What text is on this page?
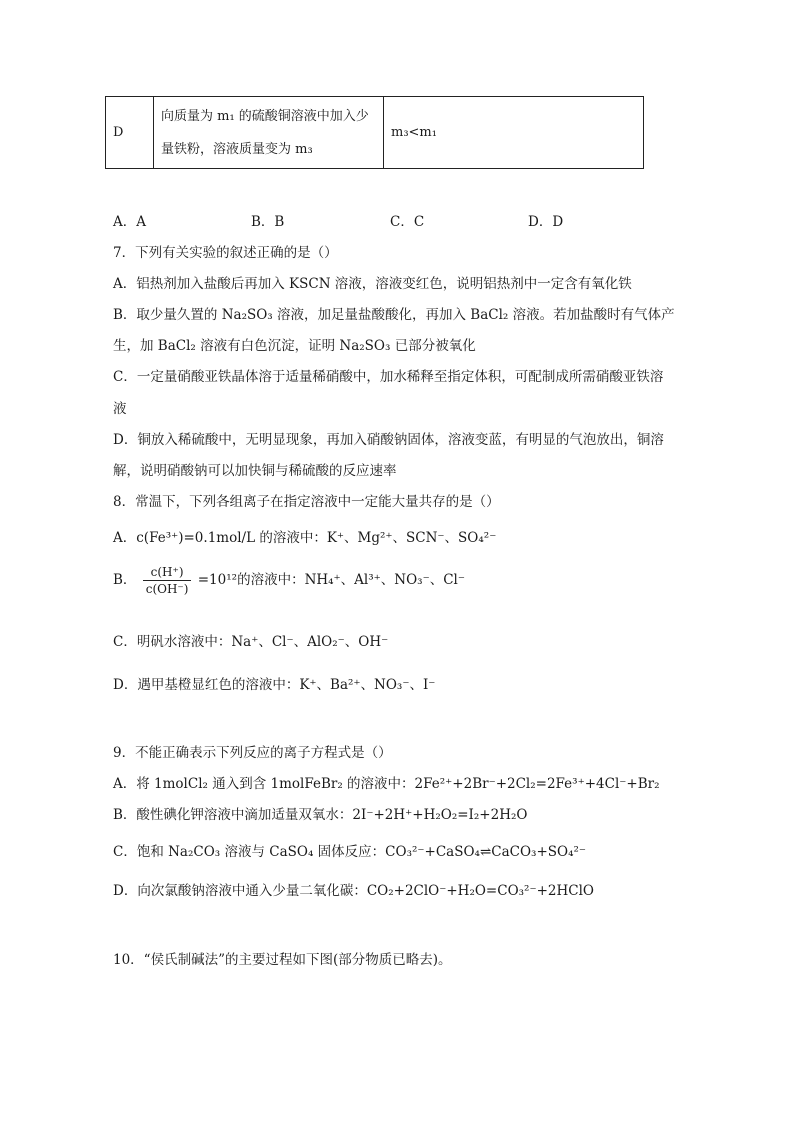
D	向质量为 m₁ 的硫酸铜溶液中加入少
量铁粉，溶液质量变为 m₃	m₃<m₁
A．A	B．B	C．C	D．D
7．下列有关实验的叙述正确的是（）
A．铝热剂加入盐酸后再加入 KSCN 溶液，溶液变红色，说明铝热剂中一定含有氧化铁
B．取少量久置的 Na₂SO₃ 溶液，加足量盐酸酸化，再加入 BaCl₂ 溶液。若加盐酸时有气体产
生，加 BaCl₂ 溶液有白色沉淀，证明 Na₂SO₃ 已部分被氧化
C．一定量硝酸亚铁晶体溶于适量稀硝酸中，加水稀释至指定体积，可配制成所需硝酸亚铁溶
液
D．铜放入稀硫酸中，无明显现象，再加入硝酸钠固体，溶液变蓝，有明显的气泡放出，铜溶
解，说明硝酸钠可以加快铜与稀硫酸的反应速率
8．常温下，下列各组离子在指定溶液中一定能大量共存的是（）
A．c(Fe³⁺)=0.1mol/L 的溶液中：K⁺、Mg²⁺、SCN⁻、SO₄²⁻
B． $\frac{c(H^+)}{c(OH^-)} =10^{12}$的溶液中：NH₄⁺、Al³⁺、NO₃⁻、Cl⁻
C．明矾水溶液中：Na⁺、Cl⁻、AlO₂⁻、OH⁻
D．遇甲基橙显红色的溶液中：K⁺、Ba²⁺、NO₃⁻、I⁻
9．不能正确表示下列反应的离子方程式是（）
A．将 1molCl₂ 通入到含 1molFeBr₂ 的溶液中：2Fe²⁺+2Br⁻+2Cl₂=2Fe³⁺+4Cl⁻+Br₂
B．酸性碘化钾溶液中滴加适量双氧水：2I⁻+2H⁺+H₂O₂=I₂+2H₂O
C．饱和 Na₂CO₃ 溶液与 CaSO₄ 固体反应：CO₃²⁻+CaSO₄⇌CaCO₃+SO₄²⁻
D．向次氯酸钠溶液中通入少量二氧化碳：CO₂+2ClO⁻+H₂O=CO₃²⁻+2HClO
10．“侯氏制碱法”的主要过程如下图(部分物质已略去)。
